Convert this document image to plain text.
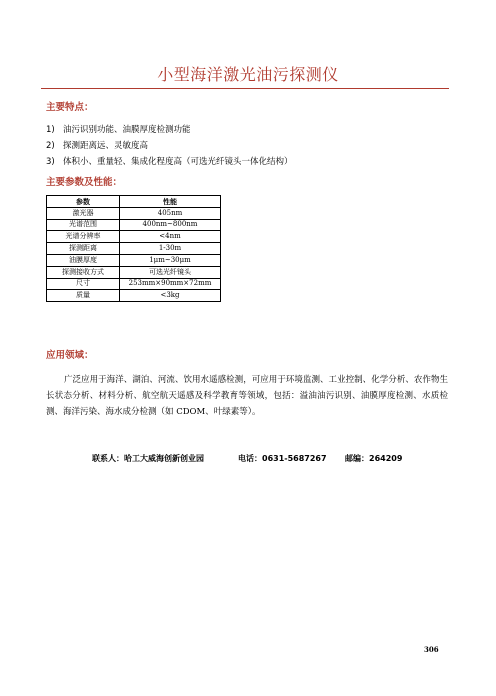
小型海洋激光油污探测仪
主要特点：
1) 油污识别功能、油膜厚度检测功能
2) 探测距离远、灵敏度高
3) 体积小、重量轻、集成化程度高（可选光纤镜头一体化结构）
主要参数及性能：
参数	性能
激光器	405nm
光谱范围	400nm~800nm
光谱分辨率	<4nm
探测距离	1-30m
油膜厚度	1μm~30μm
探测接收方式	可选光纤镜头
尺寸	253mm×90mm×72mm
质量	<3kg
应用领域：

广泛应用于海洋、湖泊、河流、饮用水遥感检测，可应用于环境监测、工业控制、化学分析、农作物生长状态分析、材料分析、航空航天遥感及科学教育等领域，包括：溢油油污识别、油膜厚度检测、水质检测、海洋污染、海水成分检测（如 CDOM、叶绿素等）。

联系人：哈工大威海创新创业园	电话：0631-5687267 邮编：264209
306
